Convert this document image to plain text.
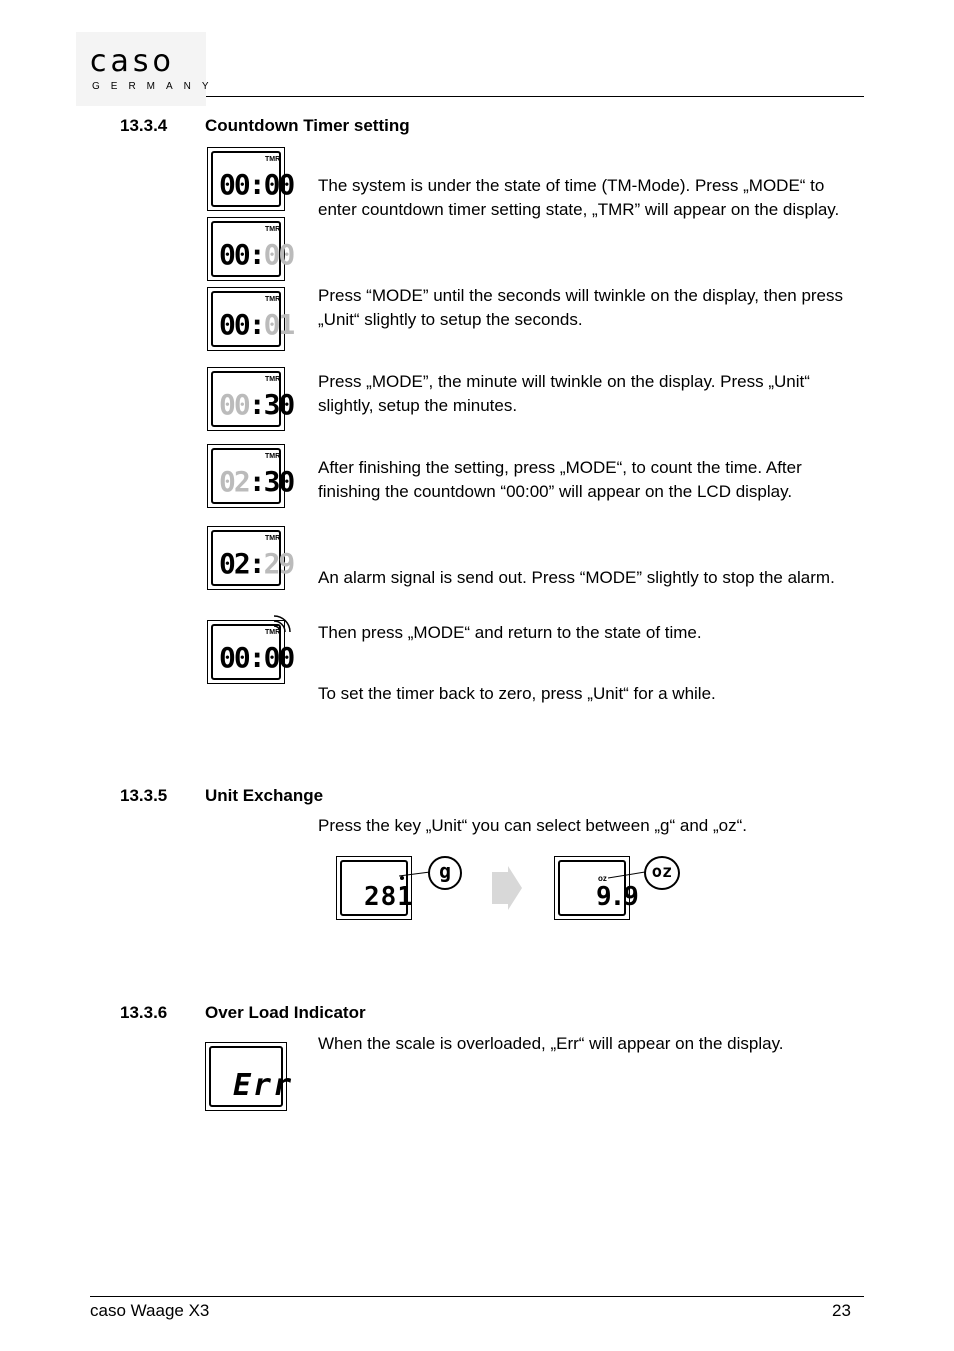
caso
GERMANY
13.3.4 Countdown Timer setting
TMR
00:00
TMR
00:00
TMR
00:01
TMR
00:30
TMR
02:30
TMR
02:29
TMR
00:00
The system is under the state of time (TM-Mode). Press „MODE“ to enter countdown timer setting state, „TMR” will appear on the display.
Press “MODE” until the seconds will twinkle on the display, then press „Unit“ slightly to setup the seconds.
Press „MODE”, the minute will twinkle on the display. Press „Unit“ slightly, setup the minutes.
After finishing the setting, press „MODE“, to count the time. After finishing the countdown “00:00” will appear on the LCD display.
An alarm signal is send out. Press “MODE” slightly to stop the alarm.
Then press „MODE“ and return to the state of time.
To set the timer back to zero, press „Unit“ for a while.
13.3.5 Unit Exchange
Press the key „Unit“ you can select between „g“ and „oz“.
281
g	oz
9.9
oz
13.3.6 Over Load Indicator
When the scale is overloaded, „Err“ will appear on the display.
Err
caso Waage X3	23
